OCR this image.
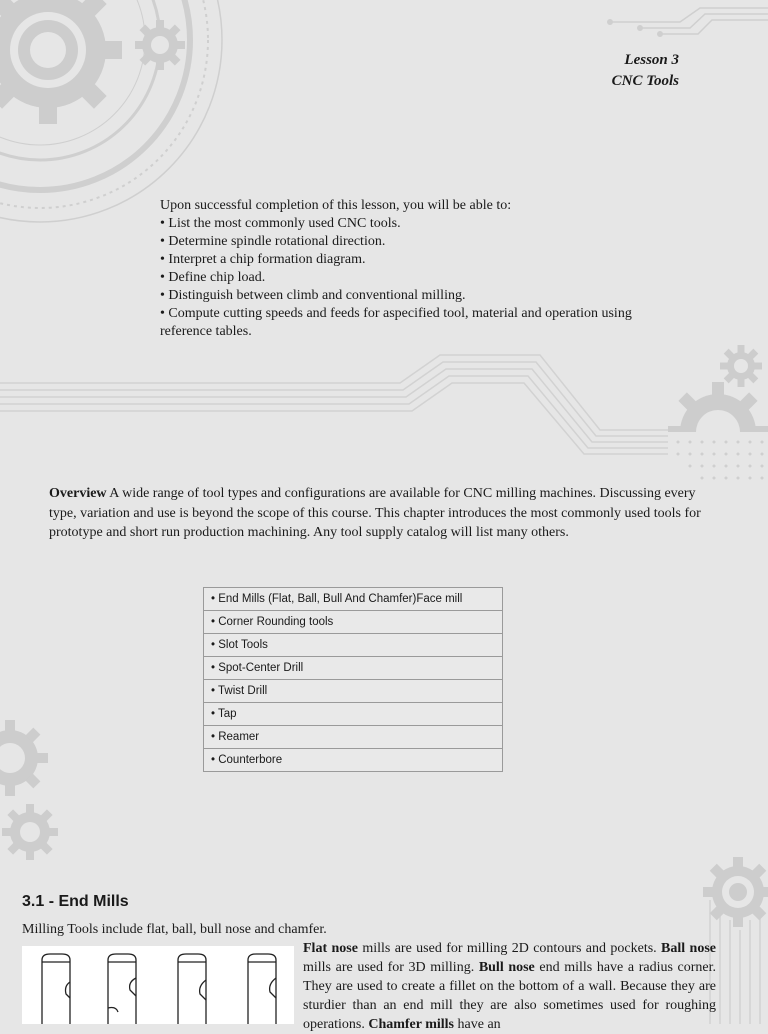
Lesson 3
CNC Tools
Upon successful completion of this lesson, you will be able to:
• List the most commonly used CNC tools.
• Determine spindle rotational direction.
• Interpret a chip formation diagram.
• Define chip load.
• Distinguish between climb and conventional milling.
• Compute cutting speeds and feeds for aspecified tool, material and operation using reference tables.
Overview A wide range of tool types and configurations are available for CNC milling machines. Discussing every type, variation and use is beyond the scope of this course. This chapter introduces the most commonly used tools for prototype and short run production machining. Any tool supply catalog will list many others.
• End Mills (Flat, Ball, Bull And Chamfer)Face mill
• Corner Rounding tools
• Slot Tools
• Spot-Center Drill
• Twist Drill
• Tap
• Reamer
• Counterbore
3.1 - End Mills
Milling Tools include flat, ball, bull nose and chamfer.
Flat nose mills are used for milling 2D contours and pockets. Ball nose mills are used for 3D milling. Bull nose end mills have a radius corner. They are used to create a fillet on the bottom of a wall. Because they are sturdier than an end mill they are also sometimes used for roughing operations. Chamfer mills have an
